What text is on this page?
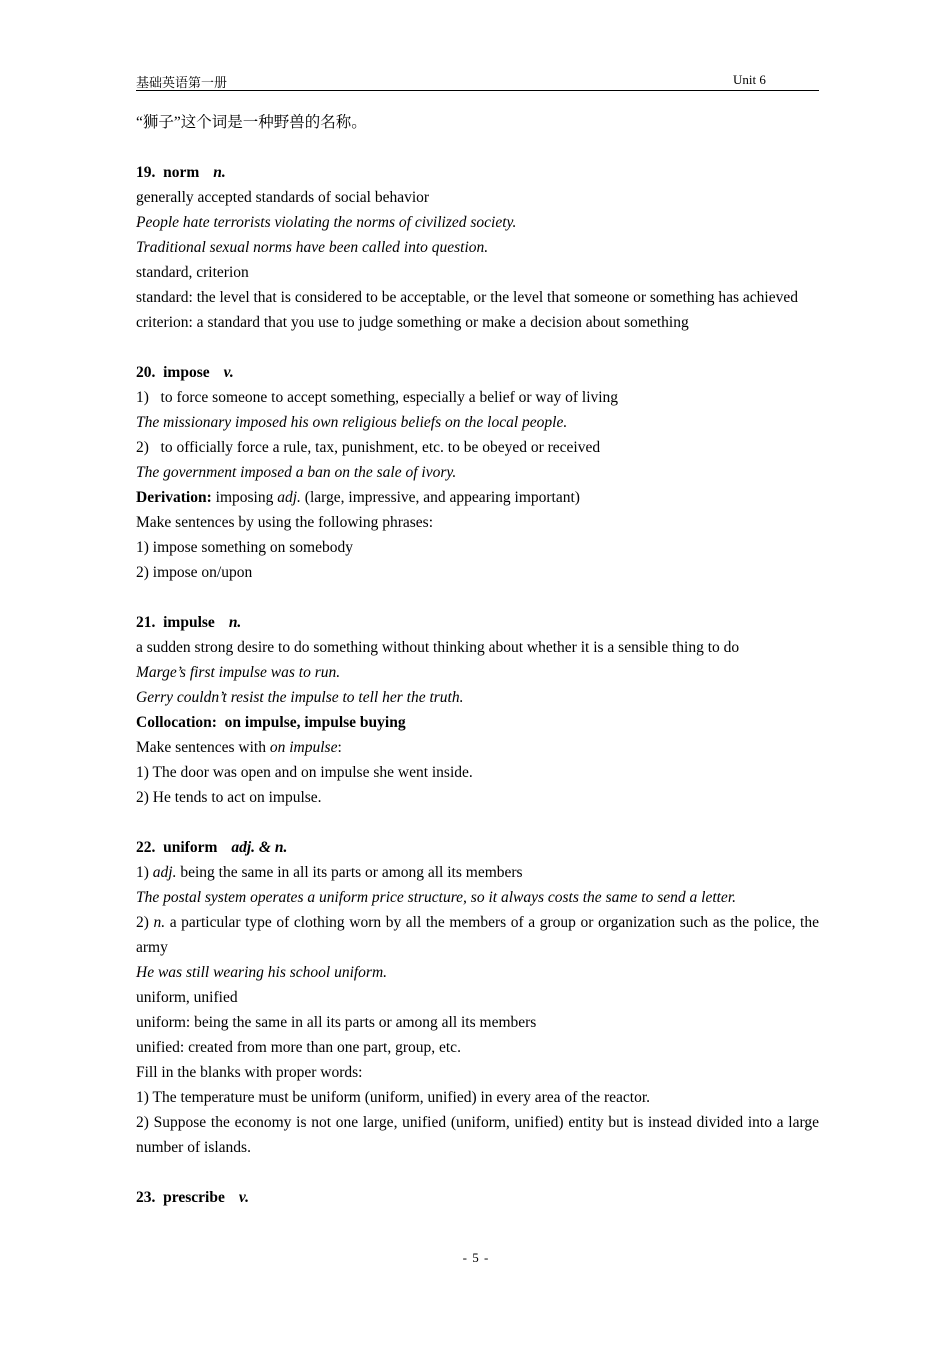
基础英语第一册	Unit 6
“狮子”这个词是一种野兽的名称。
19.  norm n.
generally accepted standards of social behavior
People hate terrorists violating the norms of civilized society.
Traditional sexual norms have been called into question.
standard, criterion
standard: the level that is considered to be acceptable, or the level that someone or something has achieved
criterion: a standard that you use to judge something or make a decision about something
20.  impose v.
1)   to force someone to accept something, especially a belief or way of living
The missionary imposed his own religious beliefs on the local people.
2)   to officially force a rule, tax, punishment, etc. to be obeyed or received
The government imposed a ban on the sale of ivory.
Derivation: imposing adj. (large, impressive, and appearing important)
Make sentences by using the following phrases:
1) impose something on somebody
2) impose on/upon
21.  impulse n.
a sudden strong desire to do something without thinking about whether it is a sensible thing to do
Marge’s first impulse was to run.
Gerry couldn’t resist the impulse to tell her the truth.
Collocation:  on impulse, impulse buying
Make sentences with on impulse:
1) The door was open and on impulse she went inside.
2) He tends to act on impulse.
22.  uniform adj. & n.
1) adj. being the same in all its parts or among all its members
The postal system operates a uniform price structure, so it always costs the same to send a letter.
2) n. a particular type of clothing worn by all the members of a group or organization such as the police, the army
He was still wearing his school uniform.
uniform, unified
uniform: being the same in all its parts or among all its members
unified: created from more than one part, group, etc.
Fill in the blanks with proper words:
1) The temperature must be uniform (uniform, unified) in every area of the reactor.
2) Suppose the economy is not one large, unified (uniform, unified) entity but is instead divided into a large number of islands.
23.  prescribe v.
- 5 -
